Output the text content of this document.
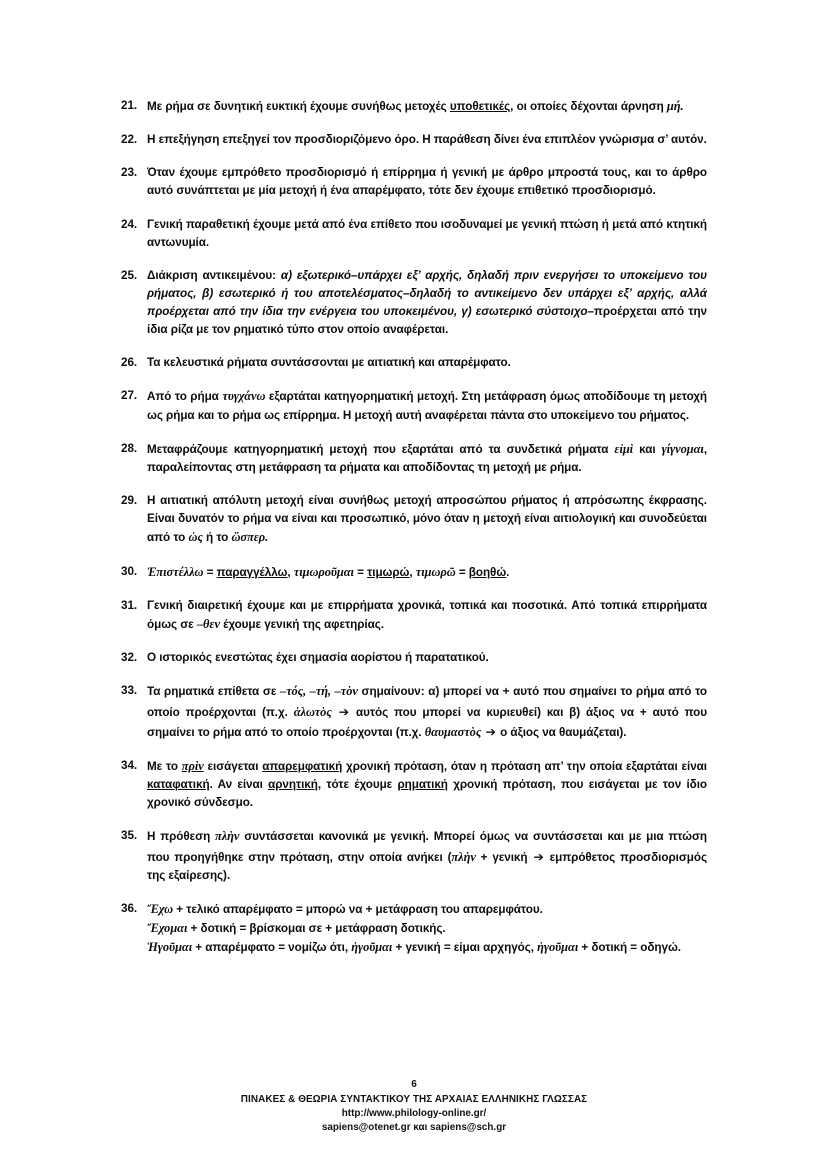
21. Με ρήμα σε δυνητική ευκτική έχουμε συνήθως μετοχές υποθετικές, οι οποίες δέχονται άρνηση μή.
22. Η επεξήγηση επεξηγεί τον προσδιοριζόμενο όρο. Η παράθεση δίνει ένα επιπλέον γνώρισμα σ’ αυτόν.
23. Όταν έχουμε εμπρόθετο προσδιορισμό ή επίρρημα ή γενική με άρθρο μπροστά τους, και το άρθρο αυτό συνάπτεται με μία μετοχή ή ένα απαρέμφατο, τότε δεν έχουμε επιθετικό προσδιορισμό.
24. Γενική παραθετική έχουμε μετά από ένα επίθετο που ισοδυναμεί με γενική πτώση ή μετά από κτητική αντωνυμία.
25. Διάκριση αντικειμένου: α) εξωτερικό–υπάρχει εξ’ αρχής, δηλαδή πριν ενεργήσει το υποκείμενο του ρήματος, β) εσωτερικό ή του αποτελέσματος–δηλαδή το αντικείμενο δεν υπάρχει εξ’ αρχής, αλλά προέρχεται από την ίδια την ενέργεια του υποκειμένου, γ) εσωτερικό σύστοιχο–προέρχεται από την ίδια ρίζα με τον ρηματικό τύπο στον οποίο αναφέρεται.
26. Τα κελευστικά ρήματα συντάσσονται με αιτιατική και απαρέμφατο.
27. Από το ρήμα τυγχάνω εξαρτάται κατηγορηματική μετοχή. Στη μετάφραση όμως αποδίδουμε τη μετοχή ως ρήμα και το ρήμα ως επίρρημα. Η μετοχή αυτή αναφέρεται πάντα στο υποκείμενο του ρήματος.
28. Μεταφράζουμε κατηγορηματική μετοχή που εξαρτάται από τα συνδετικά ρήματα εἰμὶ και γίγνομαι, παραλείποντας στη μετάφραση τα ρήματα και αποδίδοντας τη μετοχή με ρήμα.
29. Η αιτιατική απόλυτη μετοχή είναι συνήθως μετοχή απροσώπου ρήματος ή απρόσωπης έκφρασης. Είναι δυνατόν το ρήμα να είναι και προσωπικό, μόνο όταν η μετοχή είναι αιτιολογική και συνοδεύεται από το ὡς ή το ὥσπερ.
30. Ἐπιστέλλω = παραγγέλλω, τιμωροῦμαι = τιμωρώ, τιμωρῶ = βοηθώ.
31. Γενική διαιρετική έχουμε και με επιρρήματα χρονικά, τοπικά και ποσοτικά. Από τοπικά επιρρήματα όμως σε –θεν έχουμε γενική της αφετηρίας.
32. Ο ιστορικός ενεστώτας έχει σημασία αορίστου ή παρατατικού.
33. Τα ρηματικά επίθετα σε –τός, –τή, –τὸν σημαίνουν: α) μπορεί να + αυτό που σημαίνει το ρήμα από το οποίο προέρχονται (π.χ. ἁλωτὸς ➔ αυτός που μπορεί να κυριευθεί) και β) άξιος να + αυτό που σημαίνει το ρήμα από το οποίο προέρχονται (π.χ. θαυμαστὸς ➔ ο άξιος να θαυμάζεται).
34. Με το πρὶν εισάγεται απαρεμφατική χρονική πρόταση, όταν η πρόταση απ’ την οποία εξαρτάται είναι καταφατική. Αν είναι αρνητική, τότε έχουμε ρηματική χρονική πρόταση, που εισάγεται με τον ίδιο χρονικό σύνδεσμο.
35. Η πρόθεση πλὴν συντάσσεται κανονικά με γενική. Μπορεί όμως να συντάσσεται και με μια πτώση που προηγήθηκε στην πρόταση, στην οποία ανήκει (πλὴν + γενική ➔ εμπρόθετος προσδιορισμός της εξαίρεσης).
36. Ἔχω + τελικό απαρέμφατο = μπορώ να + μετάφραση του απαρεμφάτου.
Ἔχομαι + δοτική = βρίσκομαι σε + μετάφραση δοτικής.
Ἡγοῦμαι + απαρέμφατο = νομίζω ότι, ἡγοῦμαι + γενική = είμαι αρχηγός, ἡγοῦμαι + δοτική = οδηγώ.
6
ΠΙΝΑΚΕΣ & ΘΕΩΡΙΑ ΣΥΝΤΑΚΤΙΚΟΥ ΤΗΣ ΑΡΧΑΙΑΣ ΕΛΛΗΝΙΚΗΣ ΓΛΩΣΣΑΣ
http://www.philology-online.gr/
sapiens@otenet.gr και sapiens@sch.gr
